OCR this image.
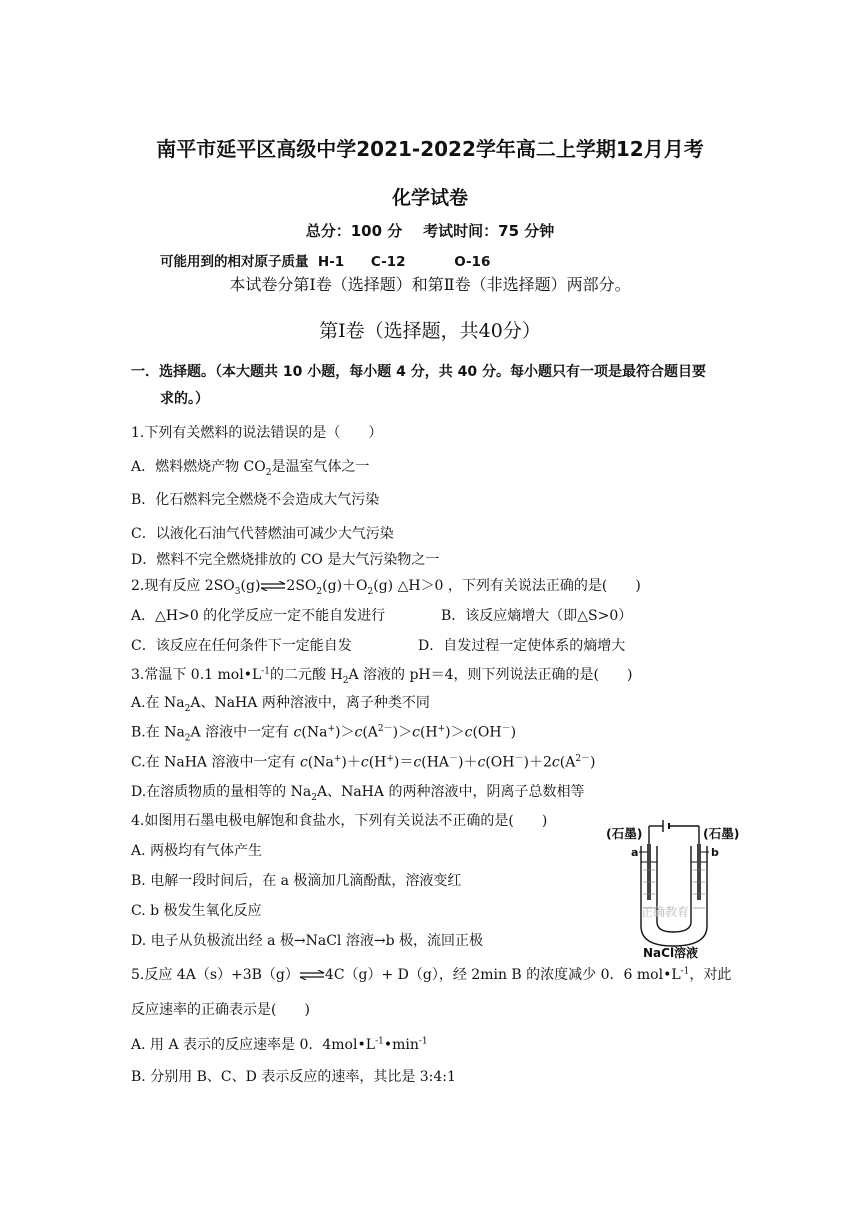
南平市延平区高级中学2021-2022学年高二上学期12月月考
化学试卷
总分：100 分 考试时间：75 分钟
可能用到的相对原子质量 H-1 C-12	O-16
本试卷分第Ⅰ卷（选择题）和第Ⅱ卷（非选择题）两部分。
第Ⅰ卷（选择题，共40分）
一．选择题。（本大题共 10 小题，每小题 4 分，共 40 分。每小题只有一项是最符合题目要
求的。）
1.下列有关燃料的说法错误的是（　　）
A．燃料燃烧产物 $CO_2$是温室气体之一
B．化石燃料完全燃烧不会造成大气污染
C．以液化石油气代替燃油可减少大气污染
D．燃料不完全燃烧排放的 CO 是大气污染物之一
2.现有反应 $2SO_3(g)\rightleftharpoons 2SO_2(g)+O_2(g)$ △H＞0 ，下列有关说法正确的是(　　)
A．△H>0 的化学反应一定不能自发进行	B．该反应熵增大（即△S>0）
C．该反应在任何条件下一定能自发	D．自发过程一定使体系的熵增大
3.常温下 0.1 $mol•L^{-1}$的二元酸 $H_2A$ 溶液的 pH＝4，则下列说法正确的是(　　)
A.在 $Na_2A$、NaHA 两种溶液中，离子种类不同
B.在 $Na_2A$ 溶液中一定有 $c(Na^+)>c(A^{2-})>c(H^+)>c(OH^-)$
C.在 NaHA 溶液中一定有 $c(Na^+)+c(H^+)=c(HA^-)+c(OH^-)+2c(A^{2-})$
D.在溶质物质的量相等的 $Na_2A$、NaHA 的两种溶液中，阴离子总数相等
4.如图用石墨电极电解饱和食盐水，下列有关说法不正确的是(　　)
A. 两极均有气体产生
B. 电解一段时间后，在 a 极滴加几滴酚酞，溶液变红
C. b 极发生氧化反应
D. 电子从负极流出经 a 极→NaCl 溶液→b 极，流回正极
(石墨)	(石墨)
a	b
正确教育
NaCl溶液
5.反应 4A（s）+3B（g）⇌4C（g）+ D（g），经 2min B 的浓度减少 0．6 $mol•L^{-1}$，对此
反应速率的正确表示是(　　)
A. 用 A 表示的反应速率是 0．$4mol•L^{-1}•\min^{-1}$
B. 分别用 B、C、D 表示反应的速率，其比是 3:4:1
